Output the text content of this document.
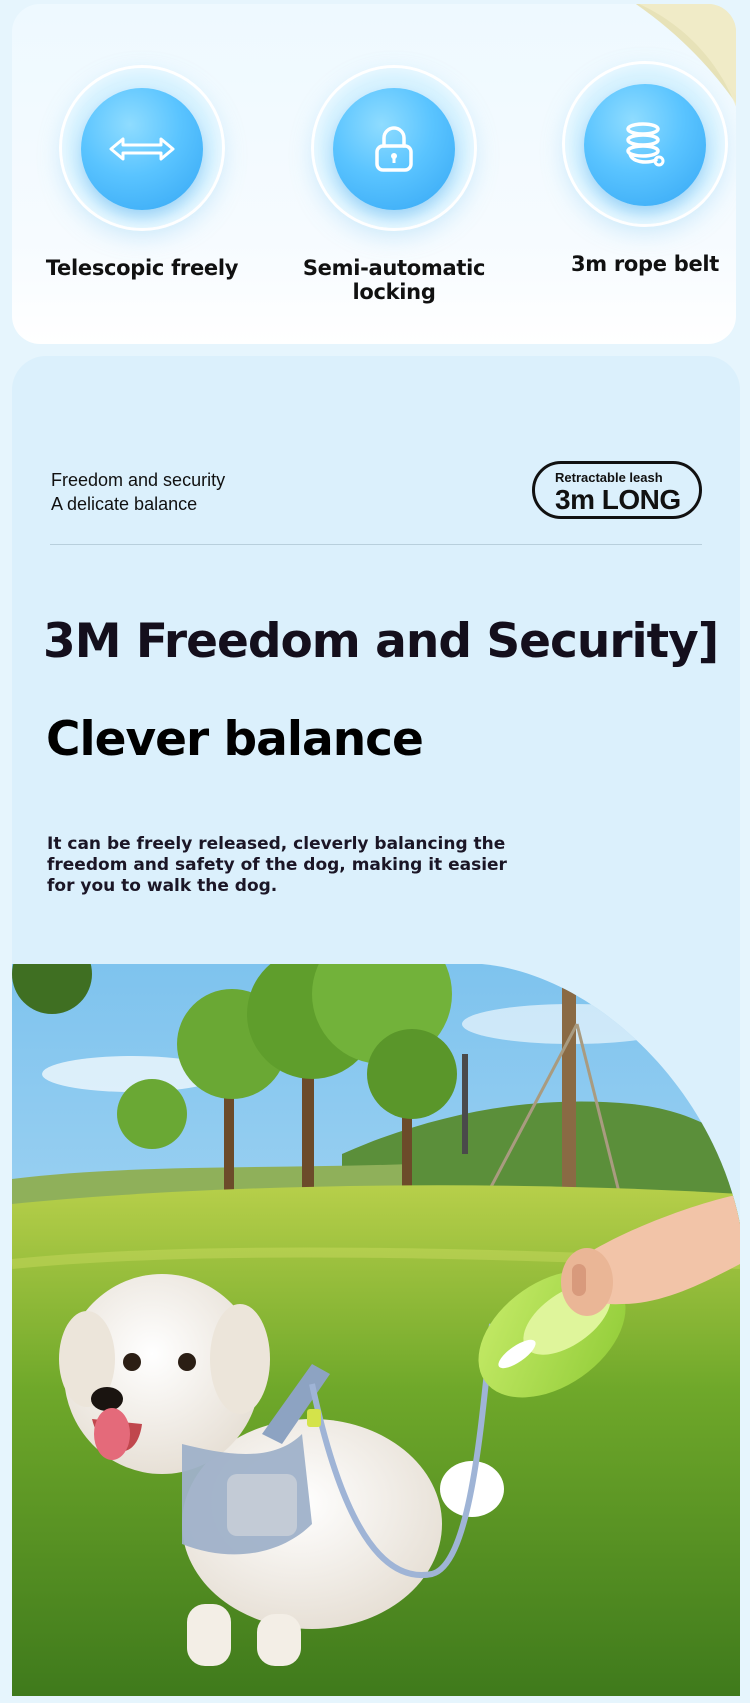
Telescopic freely	Semi-automatic locking
3m rope belt
Freedom and security
A delicate balance
Retractable leash
3m LONG
3M Freedom and Security]
Clever balance
It can be freely released, cleverly balancing the freedom and safety of the dog, making it easier for you to walk the dog.
